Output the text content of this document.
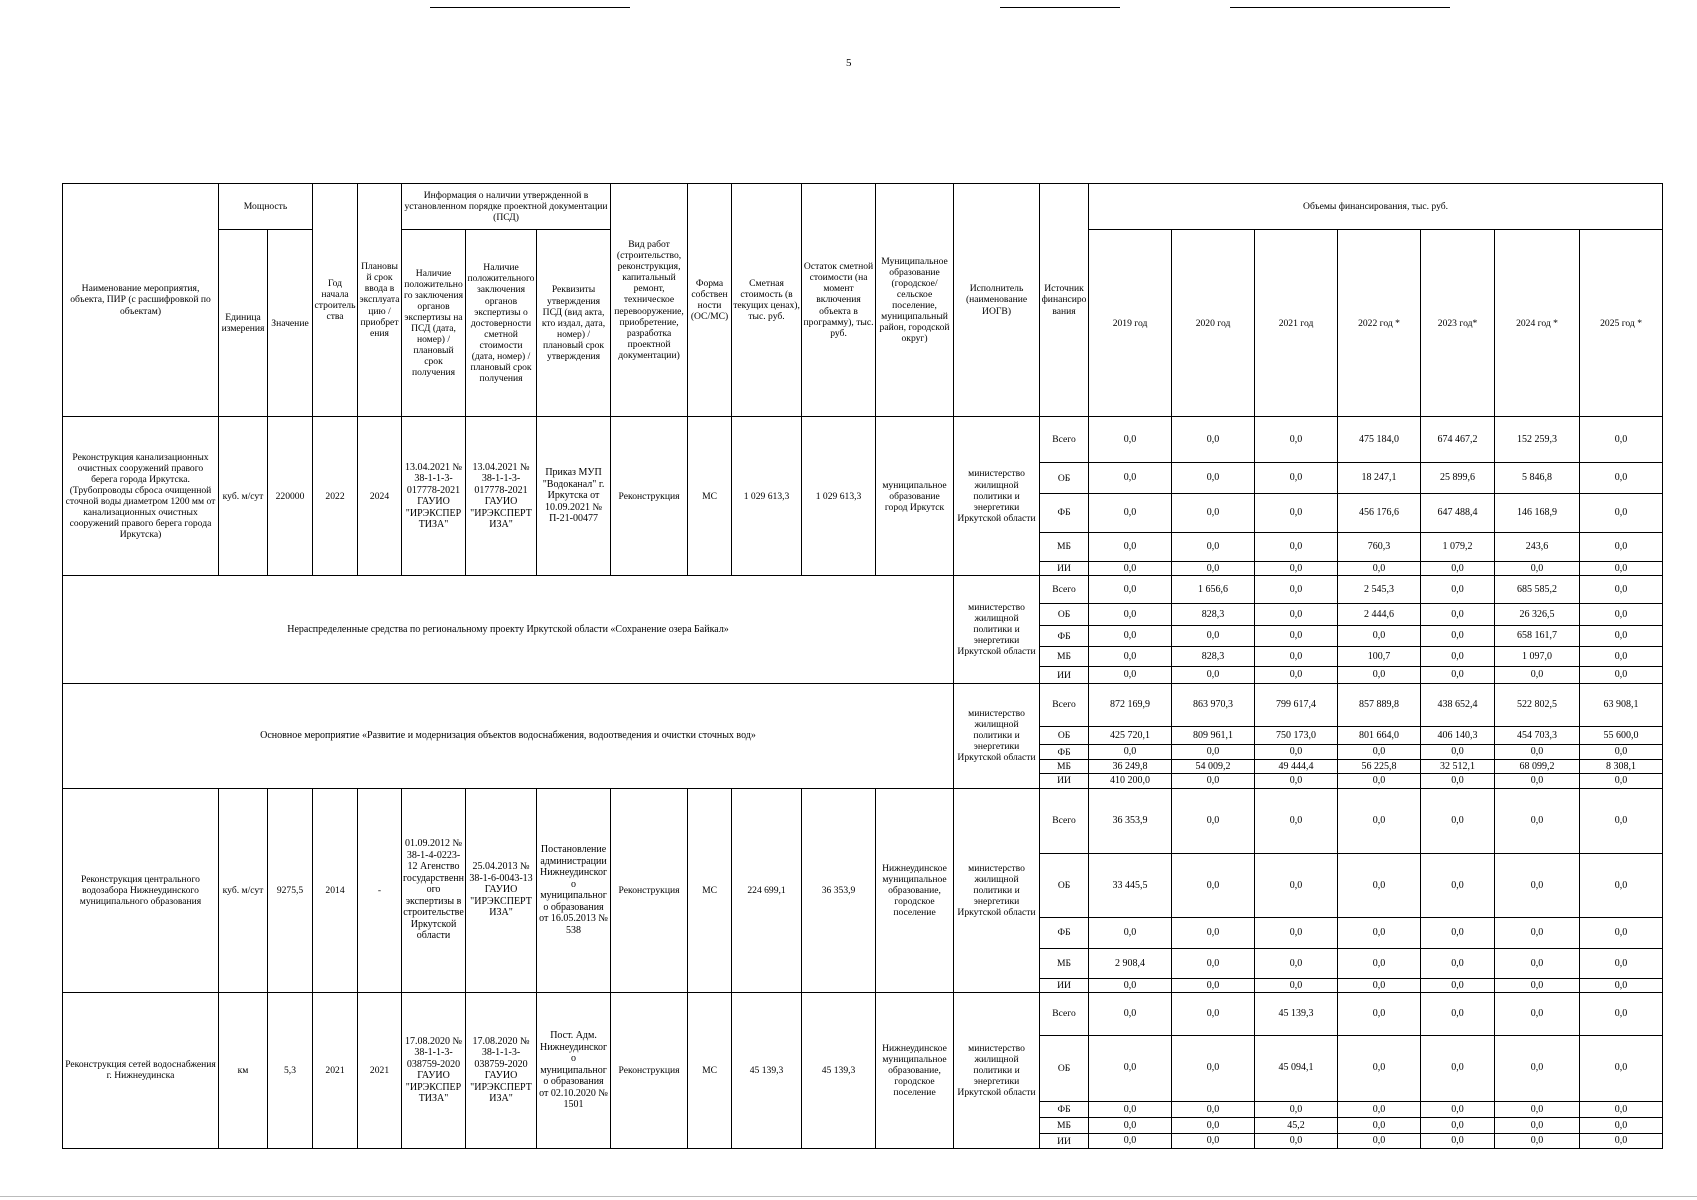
5
Наименование мероприятия, объекта, ПИР (с расшифровкой по объектам)	Мощность		Год начала строительства	Плановый срок ввода в эксплуатацию / приобретения	Информация о наличии утвержденной в установленном порядке проектной документации (ПСД)			Вид работ (строительство, реконструкция, капитальный ремонт, техническое перевооружение, приобретение, разработка проектной документации)	Форма собственности (ОС/МС)	Сметная стоимость (в текущих ценах), тыс. руб.	Остаток сметной стоимости (на момент включения объекта в программу), тыс. руб.	Муниципальное образование (городское/сельское поселение, муниципальный район, городской округ)	Исполнитель (наименование ИОГВ)	Источник финансирования	Объемы финансирования, тыс. руб.						
	Единица измерения	Значение			Наличие положительного заключения органов экспертизы на ПСД (дата, номер) / плановый срок получения	Наличие положительного заключения органов экспертизы о достоверности сметной стоимости (дата, номер) / плановый срок получения	Реквизиты утверждения ПСД (вид акта, кто издал, дата, номер) / плановый срок утверждения								2019 год	2020 год	2021 год	2022 год *	2023 год*	2024 год *	2025 год *
Реконструкция канализационных очистных сооружений правого берега города Иркутска. (Трубопроводы сброса очищенной сточной воды диаметром 1200 мм от канализационных очистных сооружений правого берега города Иркутска)	куб. м/сут	220000	2022	2024	13.04.2021 № 38-1-1-3-017778-2021 ГАУИО "ИРЭКСПЕРТИЗА"	13.04.2021 № 38-1-1-3-017778-2021 ГАУИО "ИРЭКСПЕРТИЗА"	Приказ МУП "Водоканал" г. Иркутска от 10.09.2021 № П-21-00477	Реконструкция	МС	1 029 613,3	1 029 613,3	муниципальное образование город Иркутск	министерство жилищной политики и энергетики Иркутской области	Всего	0,0	0,0	0,0	475 184,0	674 467,2	152 259,3	0,0
														ОБ	0,0	0,0	0,0	18 247,1	25 899,6	5 846,8	0,0
														ФБ	0,0	0,0	0,0	456 176,6	647 488,4	146 168,9	0,0
														МБ	0,0	0,0	0,0	760,3	1 079,2	243,6	0,0
														ИИ	0,0	0,0	0,0	0,0	0,0	0,0	0,0
Нераспределенные средства по региональному проекту Иркутской области «Сохранение озера Байкал»													министерство жилищной политики и энергетики Иркутской области	Всего	0,0	1 656,6	0,0	2 545,3	0,0	685 585,2	0,0
														ОБ	0,0	828,3	0,0	2 444,6	0,0	26 326,5	0,0
														ФБ	0,0	0,0	0,0	0,0	0,0	658 161,7	0,0
														МБ	0,0	828,3	0,0	100,7	0,0	1 097,0	0,0
														ИИ	0,0	0,0	0,0	0,0	0,0	0,0	0,0
Основное мероприятие «Развитие и модернизация объектов водоснабжения, водоотведения и очистки сточных вод»													министерство жилищной политики и энергетики Иркутской области	Всего	872 169,9	863 970,3	799 617,4	857 889,8	438 652,4	522 802,5	63 908,1
														ОБ	425 720,1	809 961,1	750 173,0	801 664,0	406 140,3	454 703,3	55 600,0
														ФБ	0,0	0,0	0,0	0,0	0,0	0,0	0,0
														МБ	36 249,8	54 009,2	49 444,4	56 225,8	32 512,1	68 099,2	8 308,1
														ИИ	410 200,0	0,0	0,0	0,0	0,0	0,0	0,0
Реконструкция центрального водозабора Нижнеудинского муниципального образования	куб. м/сут	9275,5	2014	-	01.09.2012 № 38-1-4-0223-12 Агенство государственного экспертизы в строительстве Иркутской области	25.04.2013 № 38-1-6-0043-13 ГАУИО "ИРЭКСПЕРТИЗА"	Постановление администрации Нижнеудинского муниципального образования от 16.05.2013 № 538	Реконструкция	МС	224 699,1	36 353,9	Нижнеудинское муниципальное образование, городское поселение	министерство жилищной политики и энергетики Иркутской области	Всего	36 353,9	0,0	0,0	0,0	0,0	0,0	0,0
														ОБ	33 445,5	0,0	0,0	0,0	0,0	0,0	0,0
														ФБ	0,0	0,0	0,0	0,0	0,0	0,0	0,0
														МБ	2 908,4	0,0	0,0	0,0	0,0	0,0	0,0
														ИИ	0,0	0,0	0,0	0,0	0,0	0,0	0,0
Реконструкция сетей водоснабжения г. Нижнеудинска	км	5,3	2021	2021	17.08.2020 № 38-1-1-3-038759-2020 ГАУИО "ИРЭКСПЕРТИЗА"	17.08.2020 № 38-1-1-3-038759-2020 ГАУИО "ИРЭКСПЕРТИЗА"	Пост. Адм. Нижнеудинского муниципального образования от 02.10.2020 № 1501	Реконструкция	МС	45 139,3	45 139,3	Нижнеудинское муниципальное образование, городское поселение	министерство жилищной политики и энергетики Иркутской области	Всего	0,0	0,0	45 139,3	0,0	0,0	0,0	0,0
														ОБ	0,0	0,0	45 094,1	0,0	0,0	0,0	0,0
														ФБ	0,0	0,0	0,0	0,0	0,0	0,0	0,0
														МБ	0,0	0,0	45,2	0,0	0,0	0,0	0,0
														ИИ	0,0	0,0	0,0	0,0	0,0	0,0	0,0
